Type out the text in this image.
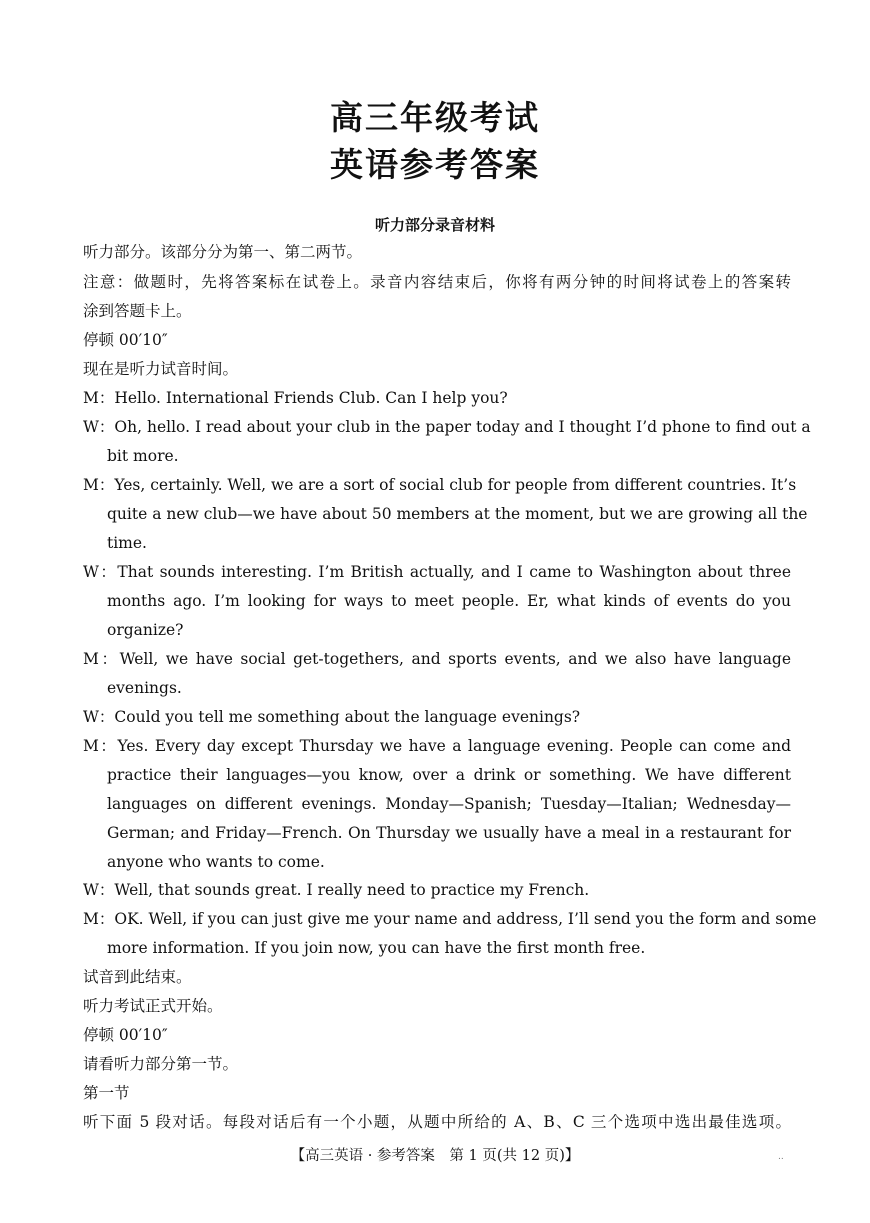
高三年级考试
英语参考答案
听力部分录音材料
听力部分。该部分分为第一、第二两节。
注意：做题时，先将答案标在试卷上。录音内容结束后，你将有两分钟的时间将试卷上的答案转
涂到答题卡上。
停顿 00′10″
现在是听力试音时间。
M：Hello. International Friends Club. Can I help you?
W：Oh, hello. I read about your club in the paper today and I thought I’d phone to find out a
bit more.
M：Yes, certainly. Well, we are a sort of social club for people from different countries. It’s
quite a new club—we have about 50 members at the moment, but we are growing all the
time.
W：That sounds interesting. I’m British actually, and I came to Washington about three
months ago. I’m looking for ways to meet people. Er, what kinds of events do you
organize?
M：Well, we have social get-togethers, and sports events, and we also have language
evenings.
W：Could you tell me something about the language evenings?
M：Yes. Every day except Thursday we have a language evening. People can come and
practice their languages—you know, over a drink or something. We have different
languages on different evenings. Monday—Spanish; Tuesday—Italian; Wednesday—
German; and Friday—French. On Thursday we usually have a meal in a restaurant for
anyone who wants to come.
W：Well, that sounds great. I really need to practice my French.
M：OK. Well, if you can just give me your name and address, I’ll send you the form and some
more information. If you join now, you can have the first month free.
试音到此结束。
听力考试正式开始。
停顿 00′10″
请看听力部分第一节。
第一节
听下面 5 段对话。每段对话后有一个小题，从题中所给的 A、B、C 三个选项中选出最佳选项。
【高三英语 · 参考答案　第 1 页(共 12 页)】	..
